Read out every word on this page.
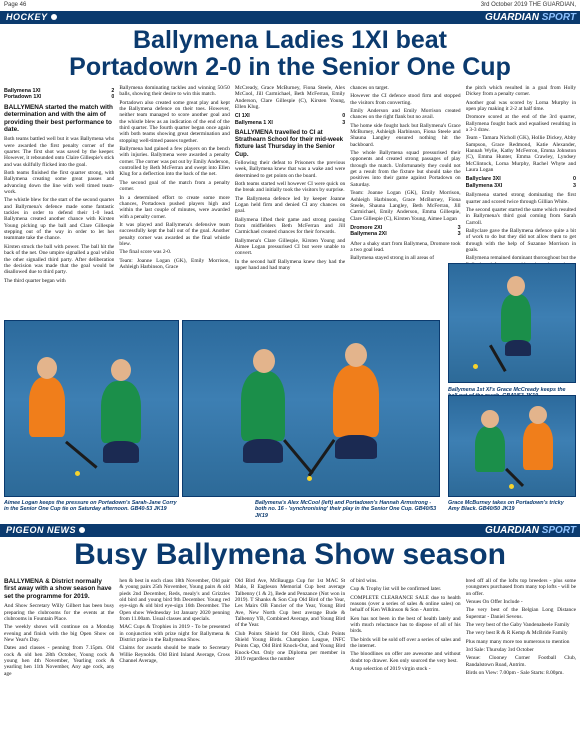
Page 46	3rd October 2019 THE GUARDIAN,
HOCKEY	GUARDIAN SPORT
Ballymena Ladies 1XI beat
Portadown 2-0 in the Senior One Cup
Ballymena 1XI	2
Portadown 1XI	0

BALLYMENA started the match with determination and with the aim of providing their best performance to date.

Both teams battled well but it was Ballymena who were awarded the first penalty corner of the quarter. The first shot was saved by the keeper. However, it rebounded onto Claire Gillespie's stick and was skilfully flicked into the goal.

Both teams finished the first quarter strong, with Ballymena creating some great passes and advancing down the line with well timed team-work.

The whistle blew for the start of the second quarter and Ballymena's defence made some fantastic tackles in order to defend their 1-0 lead. Ballymena created another chance with Kirsten Young picking up the ball and Clare Gillespie stepping out of the way in order to let her teammate take the chance.

Kirsten struck the ball with power. The ball hit the back of the net. One umpire signalled a goal whilst the other signalled third party. After deliberation the decision was made that the goal would be disallowed due to third party.

The third quarter began with

Ballymena dominating tackles and winning 50/50 balls, showing their desire to win this match.

Portadown also created some great play and kept the Ballymena defence on their toes. However, neither team managed to score another goal and the whistle blew as an indication of the end of the third quarter. The fourth quarter began once again with both teams showing great determination and stopping well-timed passes together.

Ballymena had gained a few players on the bench with injuries. Ballymena were awarded a penalty corner. The corner was put out by Emily Anderson, controlled by Beth McFerran and swept into Ellen Klug for a deflection into the back of the net.

The second goal of the match from a penalty corner.

In a determined effort to create some more chances, Portadown pushed players high and within the last couple of minutes, were awarded with a penalty corner.

It was played and Ballymena's defensive team successfully kept the ball out of the goal. Another penalty corner was awarded as the final whistle blew.

The final score was 2-0.

Team: Joanne Logan (GK), Emily Morrison, Ashleigh Harbinson, Grace

McCready, Grace McBurney, Fiona Steele, Alex McCool, Jill Carmichael, Beth McFerran, Emily Anderson, Clare Gillespie (C), Kirsten Young, Ellen Klug.

CI 1XI	0
Ballymena 1 XI	3

BALLYMENA travelled to CI at Strathearn School for their mid-week fixture last Thursday in the Senior Cup.

Following their defeat to Prisoners the previous week, Ballymena knew that was a wake and were determined to get points on the board.

Both teams started well however CI were quick on the break and initially took the visitors by surprise.

The Ballymena defence led by keeper Joanne Logan held firm and denied CI any chances on goal.

Ballymena lifted their game and strong passing from midfielders Beth McFerran and Jill Carmichael created chances for their forwards.

Ballymena's Clare Gillespie, Kirsten Young and Aimee Logan pressurised CI but were unable to convert.

In the second half Ballymena knew they had the upper hand and had many

chances on target.

However the CI defence stood firm and stopped the visitors from converting.

Emily Anderson and Emily Morrison created chances on the right flank but no avail.

The home side fought back but Ballymena's Grace McBurney, Ashleigh Harbinson, Fiona Steele and Shauna Langley ensured nothing hit the backboard.

The whole Ballymena squad pressurised their opponents and created strong passages of play through the match. Unfortunately they could not get a result from the fixture but should take the positives into their game against Portadown on Saturday.

Team: Joanne Logan (GK), Emily Morrison, Ashleigh Harbinson, Grace McBurney, Fiona Steele, Shauna Langley, Beth McFerran, Jill Carmichael, Emily Anderson, Emma Gillespie, Clare Gillespie (C), Kirsten Young, Aimee Logan

Dromore 2XI	3
Ballymena 2XI	3

After a shaky start from Ballymena, Dromore took a two goal lead.

Ballymena stayed strong in all areas of

the pitch which resulted in a goal from Holly Dickey from a penalty corner.

Another goal was scored by Lorna Murphy in open play making it 2-2 at half time.

Dromore scored at the end of the 3rd quarter, Ballymena fought back and equalised resulting in a 3-3 draw.

Team - Tamara Nicholl (GK), Hollie Dickey, Abby Sampson, Grace Redmond, Katie Alexander, Hannah Wylie, Kathy McFerron, Emma Johnston (C), Emma Hunter, Emma Crawley, Lyndsey McClintock, Lorna Murphy, Rachel Whyte and Laura Logan

Ballyclare 3XI	0
Ballymena 3XI	3

Ballymena started strong dominating the first quarter and scored twice through Gillian White.

The second quarter started the same which resulted in Ballymena's third goal coming from Sarah Carroll.

Ballyclare gave the Ballymena defence quite a bit of work to do but they did not allow them to get through with the help of Suzanne Morrison in goals.

Ballymena remained dominant thoroughout but the

Ballymena 1st XI's Grace McCready keeps the
Aimee Logan keeps the pressure on Portadown's Sarah-Jane Corry in the Senior One Cup tie on Saturday afternoon. GB40-53 JK19
Ballymena's Alex McCool (left) and Portadown's Hannah Armstrong - both no. 16 - 'synchronising' their play in the Senior One Cup. GB40/53 JK19
Grace McBurney takes on Portadown's tricky Amy Black. GB40/50 JK19
PIGEON NEWS	GUARDIAN SPORT
Busy Ballymena Show season

BALLYMENA & District normally first away with a show season have set the programme for 2019.

And Show Secretary Willy Gilbert has been busy preparing the clubrooms for the events at the clubrooms in Fountain Place.

The weekly shows will continue on a Monday evening and finish with the big Open Show on New Year's Day.

Dates and classes - penning from 7.15pm. Old cock & old hen 28th October, Young cock & young hen 4th November, Yearling cock & yearling hen 11th November, Any age cock, any age

hen & best in each class 18th November, Old pair & young pairs 25th November, Young pairs & old pieds 2nd December, Reds, mealy's and Grizzles old bird and young bird 9th December. Young red eye-sign & old bird eye-sign 16th December. The Open show Wednesday 1st January 2020 penning from 11.00am. Usual classes and specials.

MAC Cups & Trophies in 2019 - To be presented in conjunction with prize night for Ballymena & District prize in the Ballymena Show.

Claims for awards should be made to Secretary Willie Reynolds. Old Bird Inland Average, Cross Channel Average,

Old Bird Ave, McBaugga Cup for 1st MAC St Malo, B Eagleson Memorial Cup best average Talbenny (1 & 2), Bede and Penzance (Not won in 2019). T Shanks & Son Cup Old Bird of the Year, Les Mairs OB Fancier of the Year, Young Bird Ave, New North Cup best average Bude & Talbenny YB, Combined Average, and Young Bird of the Year.

Club Points Shield for Old Birds, Club Points Shield Young Birds. Champion League, INFC Points Cup, Old Bird Knock-Out, and Young Bird Knock-Out. Only one Diploma per member in 2019 regardless the number

of bird wins.

Cup & Trophy list will be confirmed later.

COMPLETE CLEARANCE SALE due to health reasons (over a series of sales & online sales) on behalf of Ken Wilkinson & Son - Antrim.

Ken has not been in the best of health lately and with much reluctance has to dispose of all of his birds.

The birds will be sold off over a series of sales and the internet.

The bloodlines on offer are awesome and without doubt top drawer. Ken only sourced the very best.

A top selection of 2019 virgin stock -

bred off all of the lofts top breeders - plus some youngsters purchased from many top lofts - will be on offer.

Venues On Offer Include -

The very best of the Belgian Long Distance Superstar - Daniel Sevens.

The very best of the Gaby Vandenabeele Family

The very best R & R Kemp & McBride Family

Plus many many more too numerous to mention

3rd Sale: Thursday 3rd October

Venue: Clooney Corner Football Club, Randalstown Road, Antrim.

Birds on View: 7.00pm - Sale Starts: 8.00pm.
